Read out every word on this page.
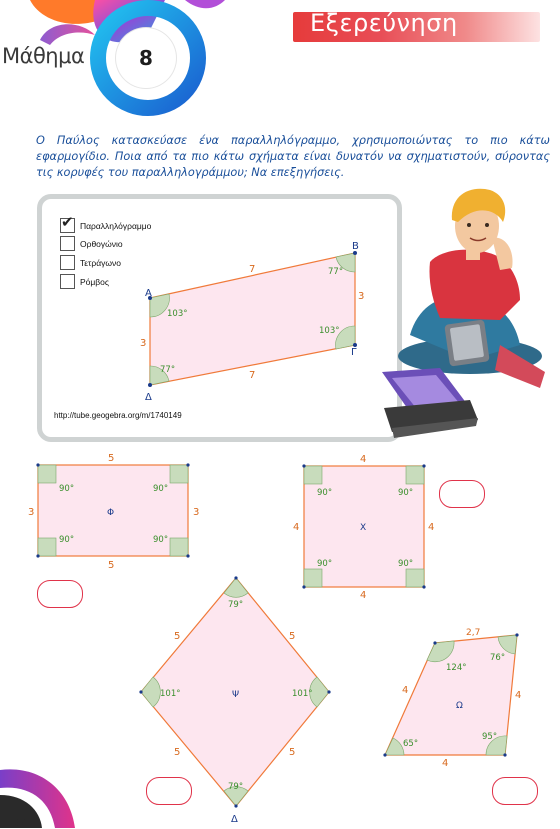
Μάθημα	8
Εξερεύνηση
Ο Παύλος κατασκεύασε ένα παραλληλόγραμμο, χρησιμοποιώντας το πιο κάτω εφαρμογίδιο. Ποια από τα πιο κάτω σχήματα είναι δυνατόν να σχηματιστούν, σύροντας τις κορυφές του παραλληλογράμμου; Να επεξηγήσεις.
✔ Παραλληλόγραμμο
Ορθογώνιο
Τετράγωνο
Ρόμβος
http://tube.geogebra.org/m/1740149
A
B
Γ
Δ
7
7
3
3
103°
77°
103°
77°
5
5
3	3
90°	90°
90°	90°
Φ
4
4
4	4
90°	90°
90°	90°
Χ
5	5
5	5
79°
101°	101°
79°
Ψ
Δ
2,7
4	4
4
124°
76°
65°
95°
Ω
32
